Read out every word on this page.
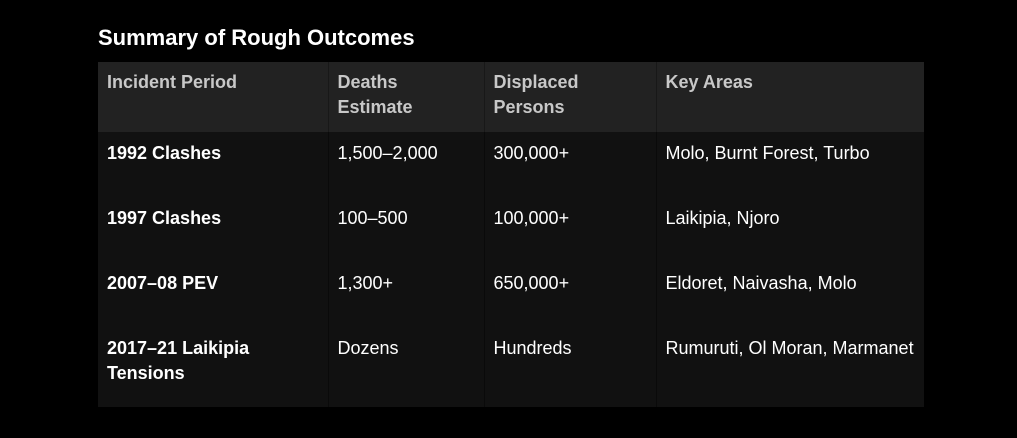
Summary of Rough Outcomes
Incident Period	Deaths Estimate	Displaced Persons	Key Areas
1992 Clashes	1,500–2,000	300,000+	Molo, Burnt Forest, Turbo
1997 Clashes	100–500	100,000+	Laikipia, Njoro
2007–08 PEV	1,300+	650,000+	Eldoret, Naivasha, Molo
2017–21 Laikipia Tensions	Dozens	Hundreds	Rumuruti, Ol Moran, Marmanet
